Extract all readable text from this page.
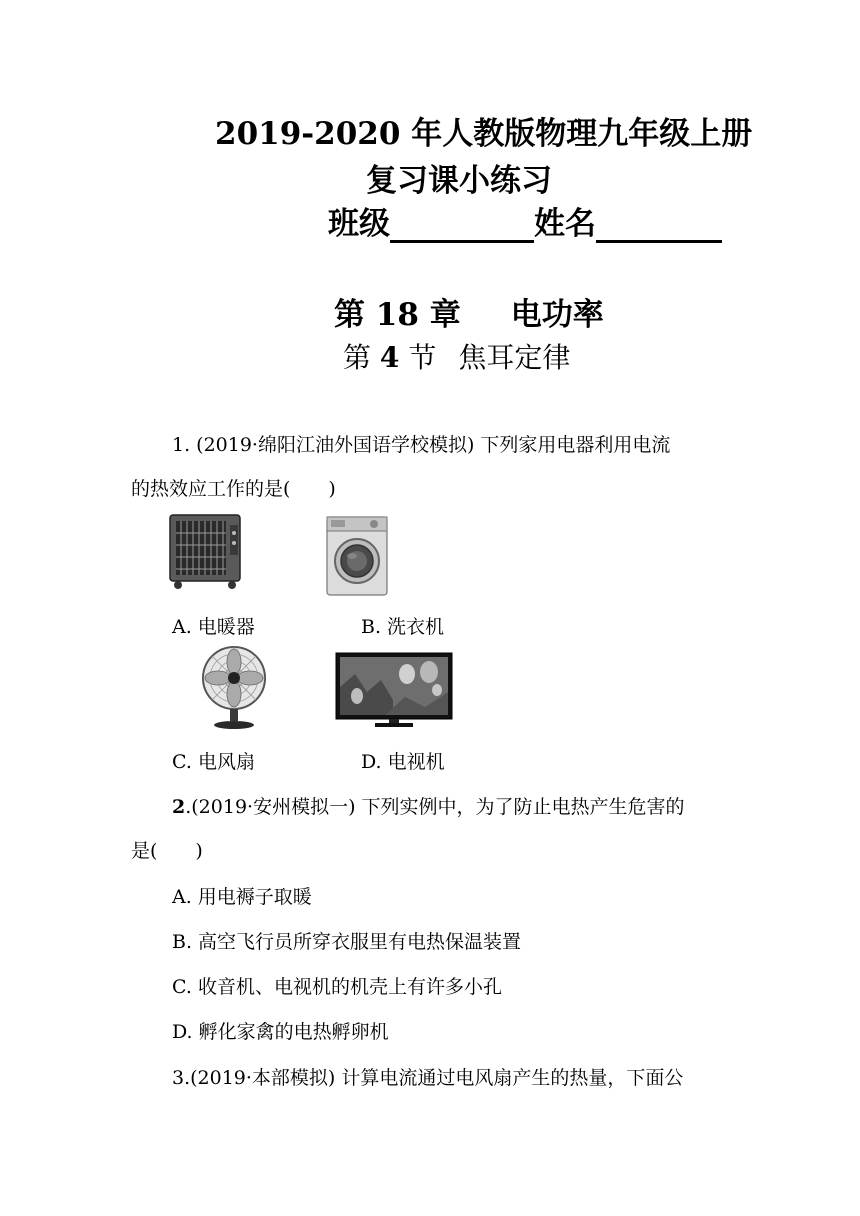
2019-2020 年人教版物理九年级上册
复习课小练习
班级	姓名
第 18 章 电功率
第 4 节 焦耳定律
1. (2019·绵阳江油外国语学校模拟) 下列家用电器利用电流
的热效应工作的是(　　)
A. 电暖器	B. 洗衣机
C. 电风扇	D. 电视机
2.(2019·安州模拟一) 下列实例中，为了防止电热产生危害的
是(　　)
A. 用电褥子取暖
B. 高空飞行员所穿衣服里有电热保温装置
C. 收音机、电视机的机壳上有许多小孔
D. 孵化家禽的电热孵卵机
3.(2019·本部模拟) 计算电流通过电风扇产生的热量，下面公
